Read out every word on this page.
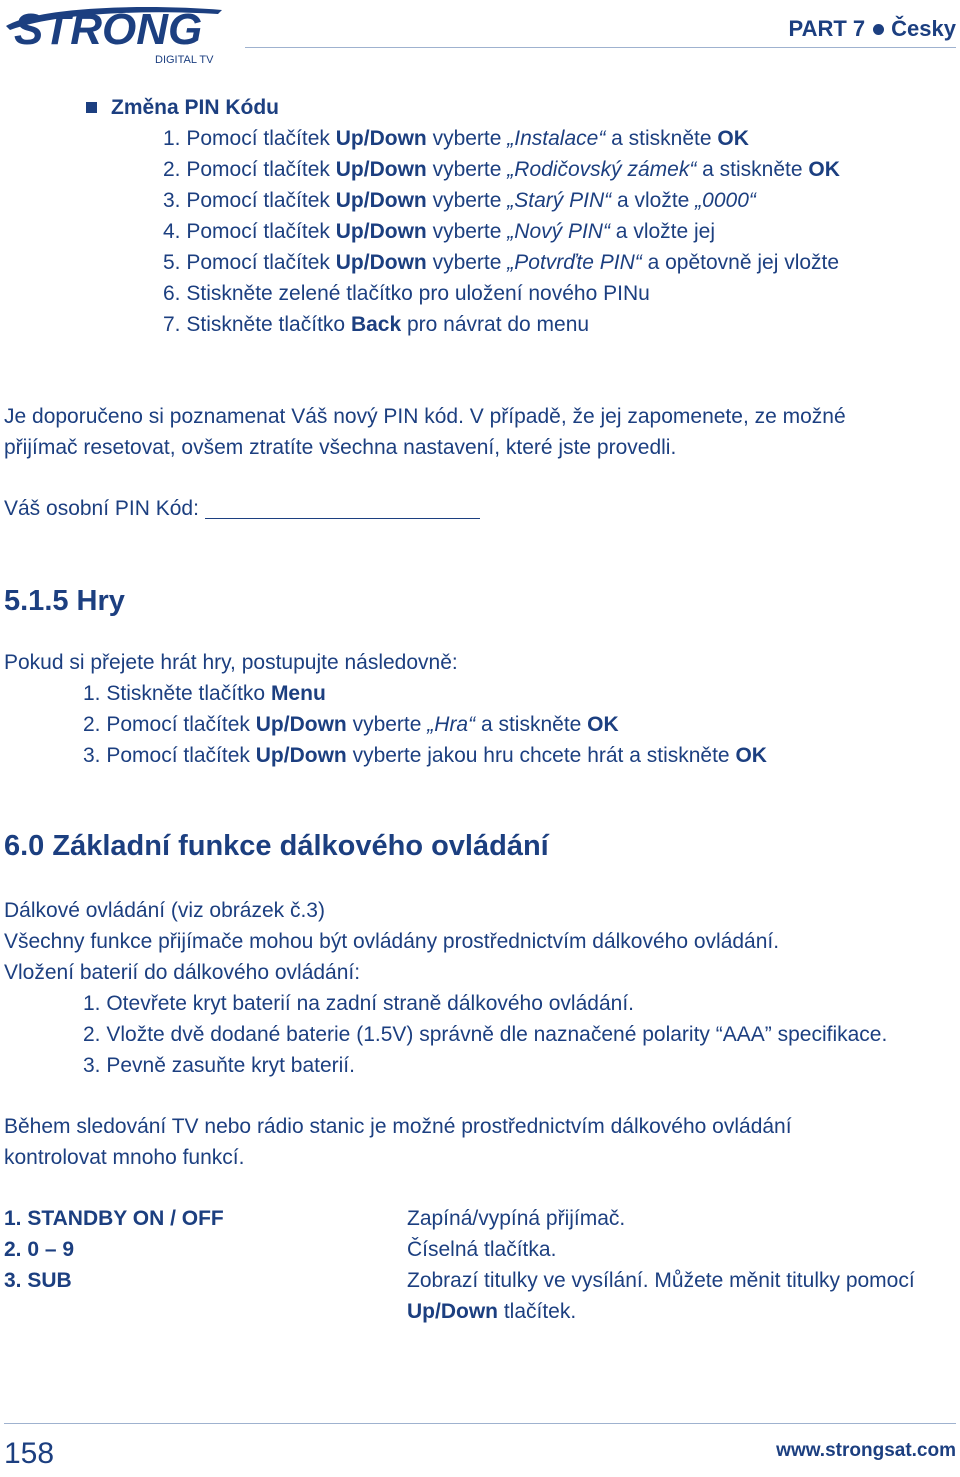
STRONG
DIGITAL TV
PART 7 Česky
Změna PIN Kódu
1. Pomocí tlačítek Up/Down vyberte „Instalace“ a stiskněte OK
2. Pomocí tlačítek Up/Down vyberte „Rodičovský zámek“ a stiskněte OK
3. Pomocí tlačítek Up/Down vyberte „Starý PIN“ a vložte „0000“
4. Pomocí tlačítek Up/Down vyberte „Nový PIN“ a vložte jej
5. Pomocí tlačítek Up/Down vyberte „Potvrďte PIN“ a opětovně jej vložte
6. Stiskněte zelené tlačítko pro uložení nového PINu
7. Stiskněte tlačítko Back pro návrat do menu
Je doporučeno si poznamenat Váš nový PIN kód. V případě, že jej zapomenete, ze možné
přijímač resetovat, ovšem ztratíte všechna nastavení, které jste provedli.
Váš osobní PIN Kód:
5.1.5 Hry
Pokud si přejete hrát hry, postupujte následovně:
1. Stiskněte tlačítko Menu
2. Pomocí tlačítek Up/Down vyberte „Hra“ a stiskněte OK
3. Pomocí tlačítek Up/Down vyberte jakou hru chcete hrát a stiskněte OK
6.0 Základní funkce dálkového ovládání
Dálkové ovládání (viz obrázek č.3)
Všechny funkce přijímače mohou být ovládány prostřednictvím dálkového ovládání.
Vložení baterií do dálkového ovládání:
1. Otevřete kryt baterií na zadní straně dálkového ovládání.
2. Vložte dvě dodané baterie (1.5V) správně dle naznačené polarity “AAA” specifikace.
3. Pevně zasuňte kryt baterií.
Během sledování TV nebo rádio stanic je možné prostřednictvím dálkového ovládání
kontrolovat mnoho funkcí.
1. STANDBY ON / OFF	Zapíná/vypíná přijímač.
2. 0 – 9	Číselná tlačítka.
3. SUB	Zobrazí titulky ve vysílání. Můžete měnit titulky pomocí
Up/Down tlačítek.
158	www.strongsat.com
